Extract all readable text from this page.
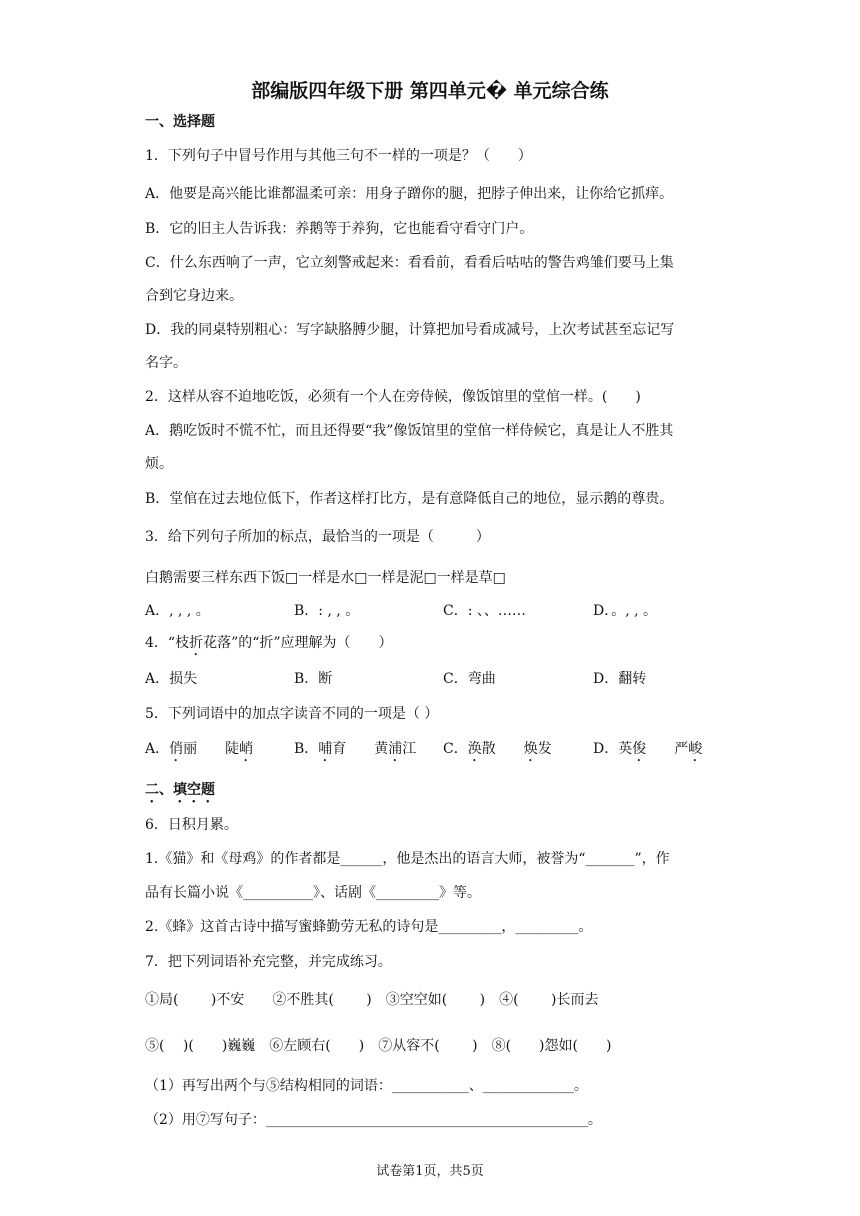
部编版四年级下册 第四单元� 单元综合练
一、选择题
1．下列句子中冒号作用与其他三句不一样的一项是？（　　）
A．他要是高兴能比谁都温柔可亲：用身子蹭你的腿，把脖子伸出来，让你给它抓痒。
B．它的旧主人告诉我：养鹅等于养狗，它也能看守看守门户。
C．什么东西响了一声，它立刻警戒起来：看看前，看看后咕咕的警告鸡雏们要马上集
合到它身边来。
D．我的同桌特别粗心：写字缺胳膊少腿，计算把加号看成减号，上次考试甚至忘记写
名字。
2．这样从容不迫地吃饭，必须有一个人在旁侍候，像饭馆里的堂倌一样。(　　)
A．鹅吃饭时不慌不忙，而且还得要“我”像饭馆里的堂倌一样侍候它，真是让人不胜其
烦。
B．堂倌在过去地位低下，作者这样打比方，是有意降低自己的地位，显示鹅的尊贵。
3．给下列句子所加的标点，最恰当的一项是（　　　）
白鹅需要三样东西下饭□一样是水□一样是泥□一样是草□
A．, , , 。	B．: , , 。	C．: 、、……	D．。, , 。
4．“枝折花落”的“折”应理解为（　　）
A．损失	B．断	C．弯曲	D．翻转
5．下列词语中的加点字读音不同的一项是（ ）
A．俏丽　　陡峭	B．哺育　　黄浦江 C．涣散　　焕发	D．英俊　　严峻
二、填空题
6．日积月累。
1.《猫》和《母鸡》的作者都是______，他是杰出的语言大师，被誉为“_______”，作
品有长篇小说《__________》、话剧《_________》等。
2.《蜂》这首古诗中描写蜜蜂勤劳无私的诗句是_________，_________。
7．把下列词语补充完整，并完成练习。
①局(　　 )不安　　②不胜其(　　 )　③空空如(　　 )　④(　　 )长而去
⑤(　 )(　　)巍巍　⑥左顾右(　　)　⑦从容不(　　 )　⑧(　　)怨如(　　)
（1）再写出两个与⑤结构相同的词语：___________、_____________。
（2）用⑦写句子：______________________________________________。
试卷第1页，共5页
